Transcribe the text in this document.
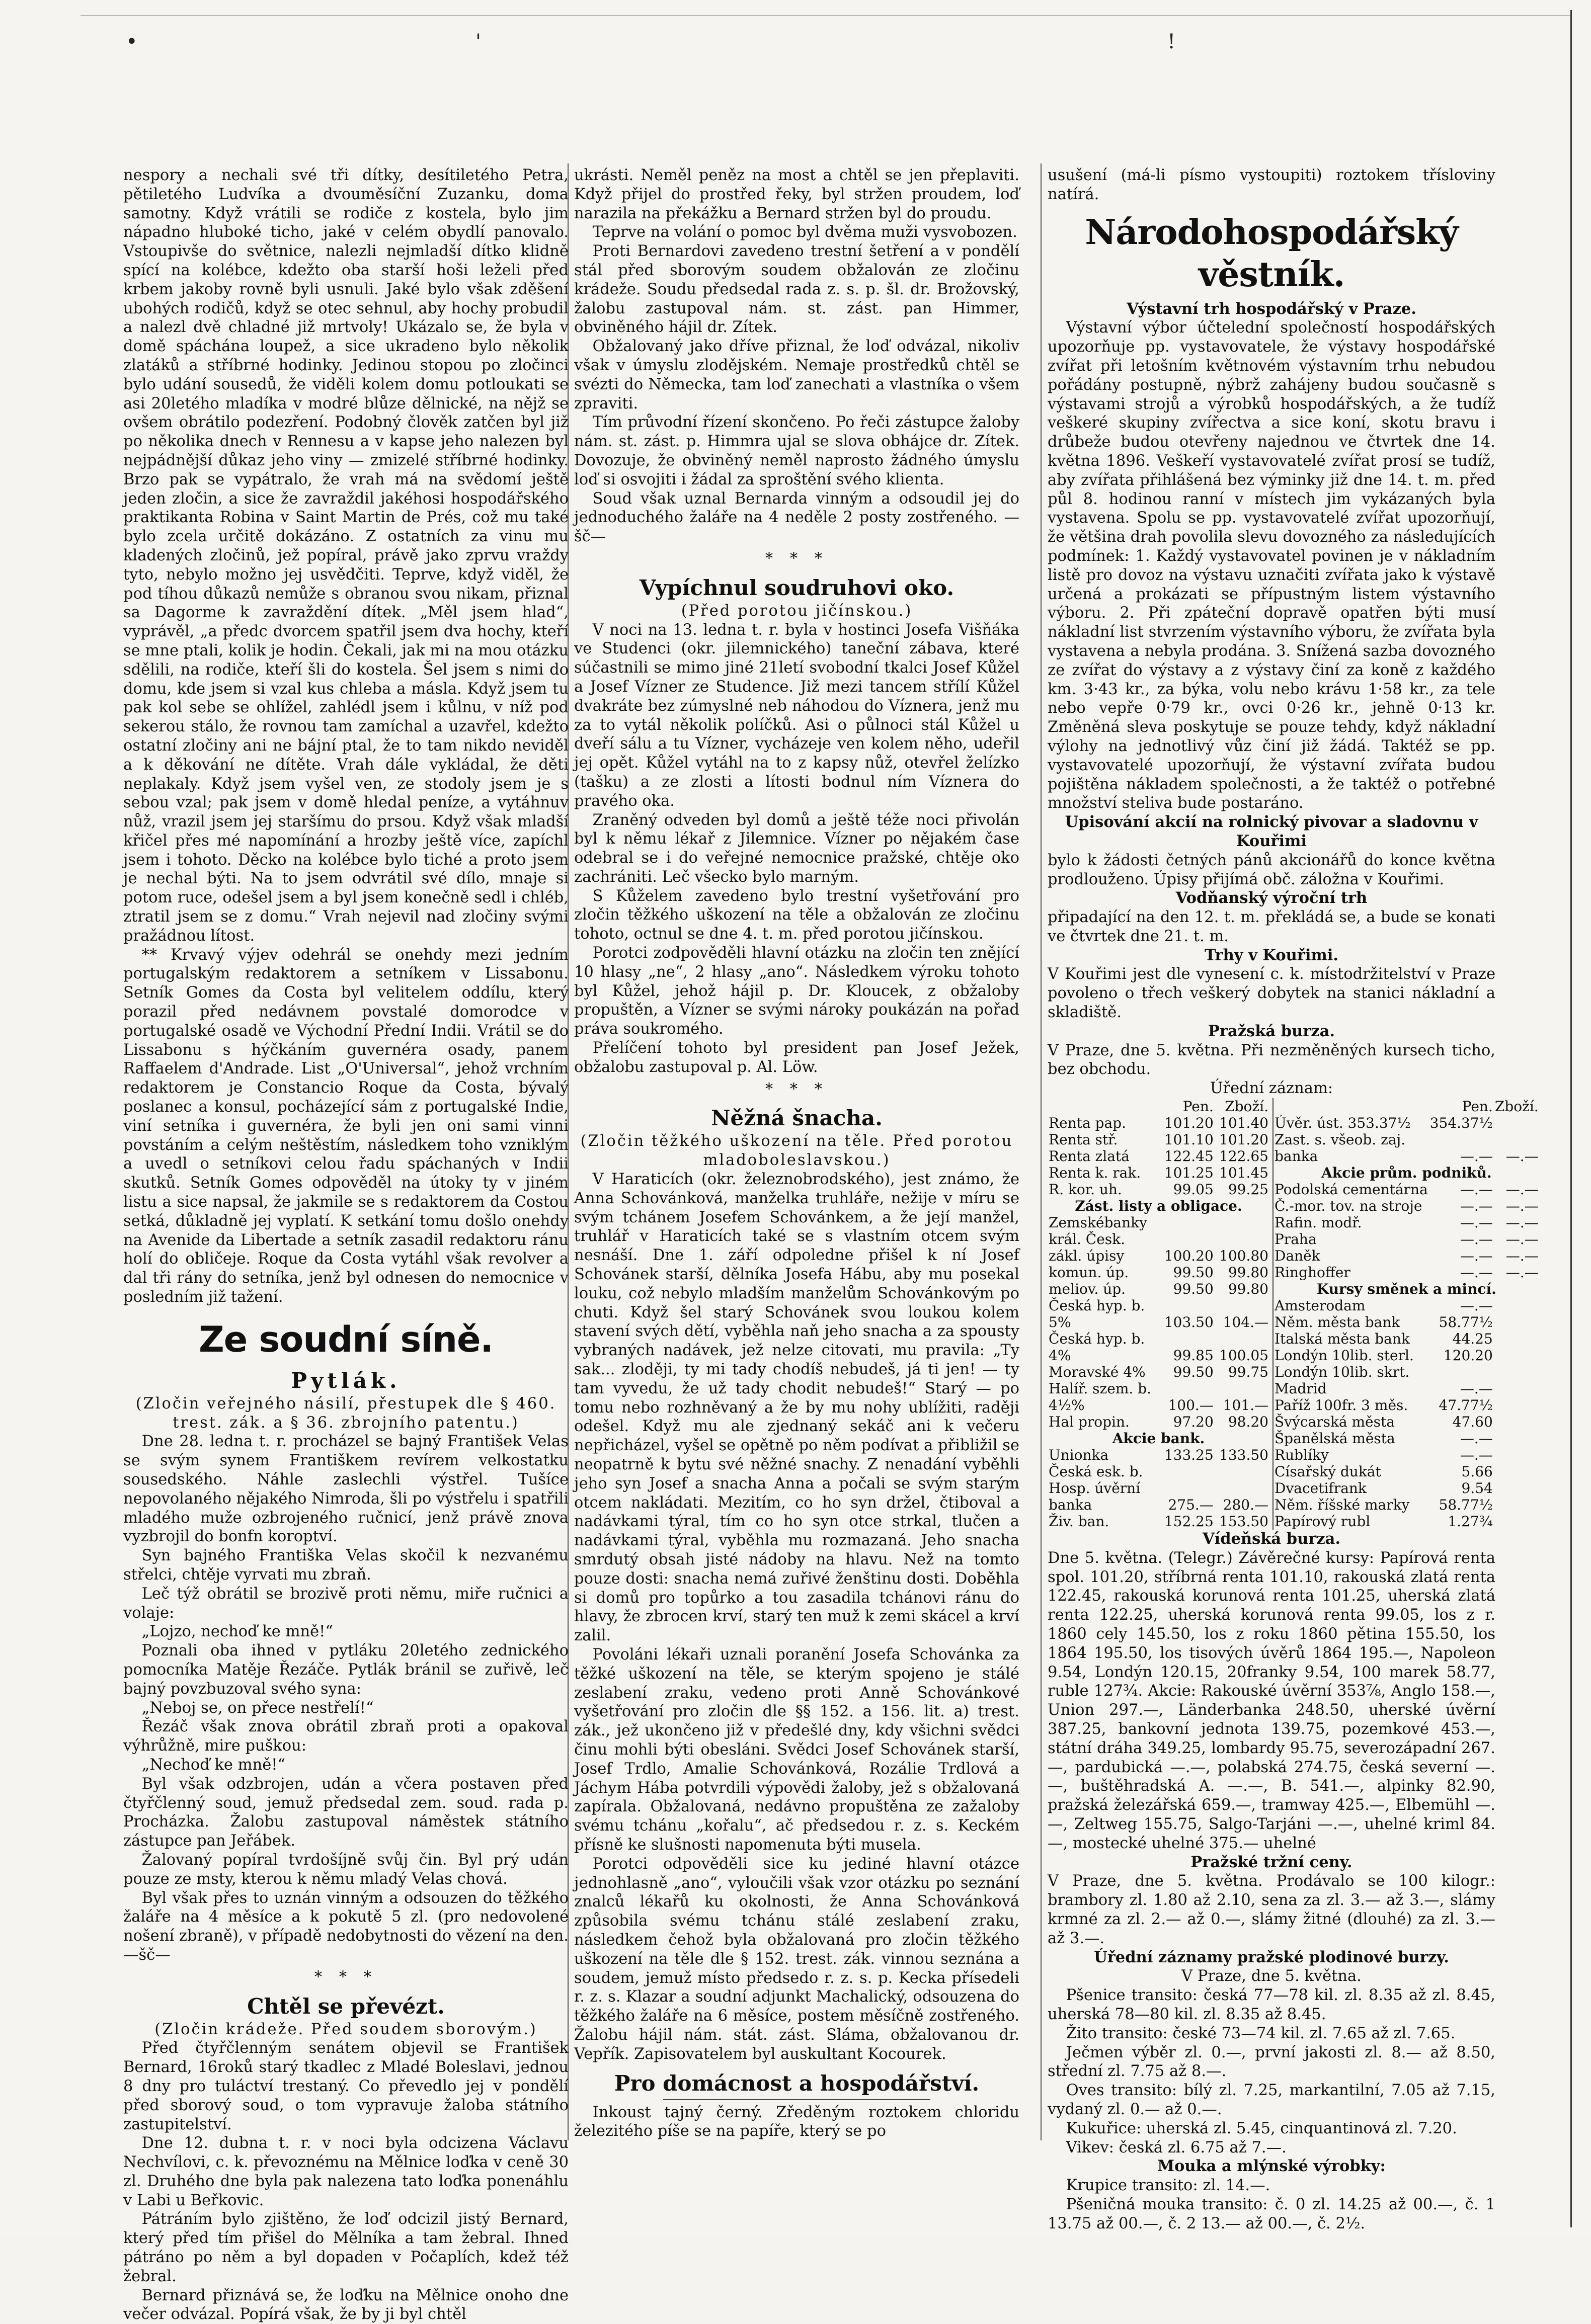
•	'	!

nespory a nechali své tři dítky, desítiletého Petra, pětiletého Ludvíka a dvouměsíční Zuzanku, doma samotny. Když vrátili se rodiče z kostela, bylo jim nápadno hluboké ticho, jaké v celém obydlí panovalo. Vstoupivše do světnice, nalezli nejmladší dítko klidně spící na kolébce, kdežto oba starší hoši leželi před krbem jakoby rovně byli usnuli. Jaké bylo však zděšení ubohých rodičů, když se otec sehnul, aby hochy probudil a nalezl dvě chladné již mrtvoly! Ukázalo se, že byla v domě spáchána loupež, a sice ukradeno bylo několik zlatáků a stříbrné hodinky. Jedinou stopou po zločinci bylo udání sousedů, že viděli kolem domu potloukati se asi 20letého mladíka v modré blůze dělnické, na nějž se ovšem obrátilo podezření. Podobný člověk zatčen byl již po několika dnech v Rennesu a v kapse jeho nalezen byl nejpádnější důkaz jeho viny — zmizelé stříbrné hodinky. Brzo pak se vypátralo, že vrah má na svědomí ještě jeden zločin, a sice že zavraždil jakéhosi hospodářského praktikanta Robina v Saint Martin de Prés, což mu také bylo zcela určitě dokázáno. Z ostatních za vinu mu kladených zločinů, jež popíral, právě jako zprvu vraždy tyto, nebylo možno jej usvědčiti. Teprve, když viděl, že pod tíhou důkazů nemůže s obranou svou nikam, přiznal sa Dagorme k zavraždění dítek. „Měl jsem hlad“, vyprávěl, „a předc dvorcem spatřil jsem dva hochy, kteří se mne ptali, kolik je hodin. Čekali, jak mi na mou otázku sdělili, na rodiče, kteří šli do kostela. Šel jsem s nimi do domu, kde jsem si vzal kus chleba a másla. Když jsem tu pak kol sebe se ohlížel, zahlédl jsem i kůlnu, v níž pod sekerou stálo, že rovnou tam zamíchal a uzavřel, kdežto ostatní zločiny ani ne bájní ptal, že to tam nikdo neviděl a k děkování ne dítěte. Vrah dále vykládal, že děti neplakaly. Když jsem vyšel ven, ze stodoly jsem je s sebou vzal; pak jsem v domě hledal peníze, a vytáhnuv nůž, vrazil jsem jej staršímu do prsou. Když však mladší křičel přes mé napomínání a hrozby ještě více, zapíchl jsem i tohoto. Děcko na kolébce bylo tiché a proto jsem je nechal býti. Na to jsem odvrátil své dílo, mnaje si potom ruce, odešel jsem a byl jsem konečně sedl i chléb, ztratil jsem se z domu.“ Vrah nejevil nad zločiny svými pražádnou lítost.

** Krvavý výjev odehrál se onehdy mezi jedním portugalským redaktorem a setníkem v Lissabonu. Setník Gomes da Costa byl velitelem oddílu, který porazil před nedávnem povstalé domorodce v portugalské osadě ve Východní Přední Indii. Vrátil se do Lissabonu s hýčkáním guvernéra osady, panem Raffaelem d'Andrade. List „O'Universal“, jehož vrchním redaktorem je Constancio Roque da Costa, bývalý poslanec a konsul, pocházející sám z portugalské Indie, viní setníka i guvernéra, že byli jen oni sami vinni povstáním a celým neštěstím, následkem toho vzniklým a uvedl o setníkovi celou řadu spáchaných v Indii skutků. Setník Gomes odpověděl na útoky ty v jiném listu a sice napsal, že jakmile se s redaktorem da Costou setká, důkladně jej vyplatí. K setkání tomu došlo onehdy na Avenide da Libertade a setník zasadil redaktoru ránu holí do obličeje. Roque da Costa vytáhl však revolver a dal tři rány do setníka, jenž byl odnesen do nemocnice v posledním již tažení.

Ze soudní síně.
Pytlák.

(Zločin veřejného násilí, přestupek dle § 460. trest. zák. a § 36. zbrojního patentu.)

Dne 28. ledna t. r. procházel se bajný František Velas se svým synem Františkem revírem velkostatku sousedského. Náhle zaslechli výstřel. Tušíce nepovolaného nějakého Nimroda, šli po výstřelu i spatřili mladého muže ozbrojeného ručnicí, jenž právě znova vyzbrojil do bonfn koroptví.

Syn bajného Františka Velas skočil k nezvanému střelci, chtěje vyrvati mu zbraň.

Leč týž obrátil se brozivě proti němu, miře ručnici a volaje:

„Lojzo, nechoď ke mně!“

Poznali oba ihned v pytláku 20letého zednického pomocníka Matěje Řezáče. Pytlák bránil se zuřivě, leč bajný povzbuzoval svého syna:

„Neboj se, on přece nestřelí!“

Řezáč však znova obrátil zbraň proti a opakoval výhrůžně, mire puškou:

„Nechoď ke mně!“

Byl však odzbrojen, udán a včera postaven před čtyřčlenný soud, jemuž předsedal zem. soud. rada p. Procházka. Žalobu zastupoval náměstek státního zástupce pan Jeřábek.

Žalovaný popíral tvrdošíjně svůj čin. Byl prý udán pouze ze msty, kterou k němu mladý Velas chová.

Byl však přes to uznán vinným a odsouzen do těžkého žaláře na 4 měsíce a k pokutě 5 zl. (pro nedovolené nošení zbraně), v případě nedobytnosti do vězení na den. —šč—

* * *
Chtěl se převézt.

(Zločin krádeže. Před soudem sborovým.)

Před čtyřčlenným senátem objevil se František Bernard, 16roků starý tkadlec z Mladé Boleslavi, jednou 8 dny pro tuláctví trestaný. Co převedlo jej v pondělí před sborový soud, o tom vypravuje žaloba státního zastupitelství.

Dne 12. dubna t. r. v noci byla odcizena Václavu Nechvílovi, c. k. převoznému na Mělnice loďka v ceně 30 zl. Druhého dne byla pak nalezena tato loďka ponenáhlu v Labi u Beřkovic.

Pátráním bylo zjištěno, že loď odcizil jistý Bernard, který před tím přišel do Mělníka a tam žebral. Ihned pátráno po něm a byl dopaden v Počaplích, kdež též žebral.

Bernard přiznává se, že loďku na Mělnice onoho dne večer odvázal. Popírá však, že by ji byl chtěl

ukrásti. Neměl peněz na most a chtěl se jen přeplaviti. Když přijel do prostřed řeky, byl stržen proudem, loď narazila na překážku a Bernard stržen byl do proudu.

Teprve na volání o pomoc byl dvěma muži vysvobozen.

Proti Bernardovi zavedeno trestní šetření a v pondělí stál před sborovým soudem obžalován ze zločinu krádeže. Soudu předsedal rada z. s. p. šl. dr. Brožovský, žalobu zastupoval nám. st. zást. pan Himmer, obviněného hájil dr. Zítek.

Obžalovaný jako dříve přiznal, že loď odvázal, nikoliv však v úmyslu zlodějském. Nemaje prostředků chtěl se svézti do Německa, tam loď zanechati a vlastníka o všem zpraviti.

Tím průvodní řízení skončeno. Po řeči zástupce žaloby nám. st. zást. p. Himmra ujal se slova obhájce dr. Zítek. Dovozuje, že obviněný neměl naprosto žádného úmyslu loď si osvojiti i žádal za sproštění svého klienta.

Soud však uznal Bernarda vinným a odsoudil jej do jednoduchého žaláře na 4 neděle 2 posty zostřeného. —šč—

* * *
Vypíchnul soudruhovi oko.

(Před porotou jičínskou.)

V noci na 13. ledna t. r. byla v hostinci Josefa Višňáka ve Studenci (okr. jilemnického) taneční zábava, které súčastnili se mimo jiné 21letí svobodní tkalci Josef Kůžel a Josef Vízner ze Studence. Již mezi tancem střílí Kůžel dvakráte bez zúmyslné neb náhodou do Víznera, jenž mu za to vytál několik políčků. Asi o půlnoci stál Kůžel u dveří sálu a tu Vízner, vycházeje ven kolem něho, udeřil jej opět. Kůžel vytáhl na to z kapsy nůž, otevřel želízko (tašku) a ze zlosti a lítosti bodnul ním Víznera do pravého oka.

Zraněný odveden byl domů a ještě téže noci přivolán byl k němu lékař z Jilemnice. Vízner po nějakém čase odebral se i do veřejné nemocnice pražské, chtěje oko zachrániti. Leč všecko bylo marným.

S Kůželem zavedeno bylo trestní vyšetřování pro zločin těžkého uškození na těle a obžalován ze zločinu tohoto, octnul se dne 4. t. m. před porotou jičínskou.

Porotci zodpověděli hlavní otázku na zločin ten znějící 10 hlasy „ne“, 2 hlasy „ano“. Následkem výroku tohoto byl Kůžel, jehož hájil p. Dr. Kloucek, z obžaloby propuštěn, a Vízner se svými nároky poukázán na pořad práva soukromého.

Přelíčení tohoto byl president pan Josef Ježek, obžalobu zastupoval p. Al. Löw.

* * *
Něžná šnacha.

(Zločin těžkého uškození na těle. Před porotou mladoboleslavskou.)

V Haraticích (okr. železnobrodského), jest známo, že Anna Schovánková, manželka truhláře, nežije v míru se svým tchánem Josefem Schovánkem, a že její manžel, truhlář v Haraticích také se s vlastním otcem svým nesnáší. Dne 1. září odpoledne přišel k ní Josef Schovánek starší, dělníka Josefa Hábu, aby mu posekal louku, což nebylo mladším manželům Schovánkovým po chuti. Když šel starý Schovánek svou loukou kolem stavení svých dětí, vyběhla naň jeho snacha a za spousty vybraných nadávek, jež nelze citovati, mu pravila: „Ty sak... zloději, ty mi tady chodíš nebudeš, já ti jen! — ty tam vyvedu, že už tady chodit nebudeš!“ Starý — po tomu nebo rozhněvaný a že by mu nohy ublížiti, raději odešel. Když mu ale zjednaný sekáč ani k večeru nepřicházel, vyšel se opětně po něm podívat a přibližil se neopatrně k bytu své něžné snachy. Z nenadání vyběhli jeho syn Josef a snacha Anna a počali se svým starým otcem nakládati. Mezitím, co ho syn držel, čtiboval a nadávkami týral, tím co ho syn otce strkal, tlučen a nadávkami týral, vyběhla mu rozmazaná. Jeho snacha smrdutý obsah jisté nádoby na hlavu. Než na tomto pouze dosti: snacha nemá zuřivé ženštinu dosti. Doběhla si domů pro topůrko a tou zasadila tchánovi ránu do hlavy, že zbrocen krví, starý ten muž k zemi skácel a krví zalil.

Povoláni lékaři uznali poranění Josefa Schovánka za těžké uškození na těle, se kterým spojeno je stálé zeslabení zraku, vedeno proti Anně Schovánkové vyšetřování pro zločin dle §§ 152. a 156. lit. a) trest. zák., jež ukončeno již v předešlé dny, kdy všichni svědci činu mohli býti obesláni. Svědci Josef Schovánek starší, Josef Trdlo, Amalie Schovánková, Rozálie Trdlová a Jáchym Hába potvrdili výpovědi žaloby, jež s obžalovaná zapírala. Obžalovaná, nedávno propuštěna ze zažaloby svému tchánu „kořalu“, ač předsedou r. z. s. Keckém přísně ke slušnosti napomenuta býti musela.

Porotci odpověděli sice ku jediné hlavní otázce jednohlasně „ano“, vyloučili však vzor otázku po seznání znalců lékařů ku okolnosti, že Anna Schovánková způsobila svému tchánu stálé zeslabení zraku, následkem čehož byla obžalovaná pro zločin těžkého uškození na těle dle § 152. trest. zák. vinnou seznána a soudem, jemuž místo předsedo r. z. s. p. Kecka přísedeli r. z. s. Klazar a soudní adjunkt Machalický, odsouzena do těžkého žaláře na 6 měsíce, postem měsíčně zostřeného. Žalobu hájil nám. stát. zást. Sláma, obžalovanou dr. Vepřík. Zapisovatelem byl auskultant Kocourek.

Pro domácnost a hospodářství.

Inkoust tajný černý. Zředěným roztokem chloridu železitého píše se na papíře, který se po

usušení (má-li písmo vystoupiti) roztokem třísloviny natírá.

Národohospodářský věstník.

Výstavní trh hospodářský v Praze.

Výstavní výbor účtelední společností hospodářských upozorňuje pp. vystavovatele, že výstavy hospodářské zvířat při letošním květnovém výstavním trhu nebudou pořádány postupně, nýbrž zahájeny budou současně s výstavami strojů a výrobků hospodářských, a že tudíž veškeré skupiny zvířectva a sice koní, skotu bravu i drůbeže budou otevřeny najednou ve čtvrtek dne 14. května 1896. Veškeří vystavovatelé zvířat prosí se tudíž, aby zvířata přihlášená bez výminky již dne 14. t. m. před půl 8. hodinou ranní v místech jim vykázaných byla vystavena. Spolu se pp. vystavovatelé zvířat upozorňují, že většina drah povolila slevu dovozného za následujících podmínek: 1. Každý vystavovatel povinen je v nákladním listě pro dovoz na výstavu uznačiti zvířata jako k výstavě určená a prokázati se přípustným listem výstavního výboru. 2. Při zpáteční dopravě opatřen býti musí nákladní list stvrzením výstavního výboru, že zvířata byla vystavena a nebyla prodána. 3. Snížená sazba dovozného ze zvířat do výstavy a z výstavy činí za koně z každého km. 3·43 kr., za býka, volu nebo krávu 1·58 kr., za tele nebo vepře 0·79 kr., ovci 0·26 kr., jehně 0·13 kr. Změněná sleva poskytuje se pouze tehdy, když nákladní výlohy na jednotlivý vůz činí již žádá. Taktéž se pp. vystavovatelé upozorňují, že výstavní zvířata budou pojištěna nákladem společnosti, a že taktéž o potřebné množství steliva bude postaráno.

Upisování akcií na rolnický pivovar a sladovnu v Kouřimi

bylo k žádosti četných pánů akcionářů do konce května prodlouženo. Úpisy přijímá obč. záložna v Kouřimi.

Vodňanský výroční trh

připadající na den 12. t. m. překládá se, a bude se konati ve čtvrtek dne 21. t. m.

Trhy v Kouřimi.

V Kouřimi jest dle vynesení c. k. místodržitelství v Praze povoleno o třech veškerý dobytek na stanici nákladní a skladiště.

Pražská burza.

V Praze, dne 5. května. Při nezměněných kursech ticho, bez obchodu.

Úřední záznam:

	Pen.	Zboží.
Renta pap.	101.20	101.40
Renta stř.	101.10	101.20
Renta zlatá	122.45	122.65
Renta k. rak.	101.25	101.45
R. kor. uh.	99.05	99.25
Zást. listy a obligace.		
Zemskébanky		
král. Česk.		
zákl. úpisy	100.20	100.80
komun. úp.	99.50	99.80
meliov. úp.	99.50	99.80
Česká hyp. b.		
5%	103.50	104.—
Česká hyp. b.		
4%	99.85	100.05
Moravské 4%	99.50	99.75
Halíř. szem. b.		
4½%	100.—	101.—
Hal propin.	97.20	98.20
Akcie bank.		
Unionka	133.25	133.50
Česká esk. b.		
Hosp. úvěrní		
banka	275.—	280.—
Živ. ban.	152.25	153.50
	Pen.	Zboží.
Úvěr. úst. 353.37½	354.37½	
Zast. s. všeob. zaj.		
banka	—.—	—.—
Akcie prům. podniků.		
Podolská cementárna	—.—	—.—
Č.-mor. tov. na stroje	—.—	—.—
Rafin. modř.	—.—	—.—
Praha	—.—	—.—
Daněk	—.—	—.—
Ringhoffer	—.—	—.—
Kursy směnek a mincí.		
Amsterodam	—.—	
Něm. města bank	58.77½	
Italská města bank	44.25	
Londýn 10lib. sterl.	120.20	
Londýn 10lib. skrt.		
Madrid	—.—	
Paříž 100fr. 3 měs.	47.77½	
Švýcarská města	47.60	
Španělská města	—.—	
Rublíky	—.—	
Císařský dukát	5.66	
Dvacetifrank	9.54	
Něm. říšské marky	58.77½	
Papírový rubl	1.27¾	

Vídeňská burza.

Dne 5. května. (Telegr.) Závěrečné kursy: Papírová renta spol. 101.20, stříbrná renta 101.10, rakouská zlatá renta 122.45, rakouská korunová renta 101.25, uherská zlatá renta 122.25, uherská korunová renta 99.05, los z r. 1860 cely 145.50, los z roku 1860 pětina 155.50, los 1864 195.50, los tisových úvěrů 1864 195.—, Napoleon 9.54, Londýn 120.15, 20franky 9.54, 100 marek 58.77, ruble 127¾. Akcie: Rakouské úvěrní 353⅞, Anglo 158.—, Union 297.—, Länderbanka 248.50, uherské úvěrní 387.25, bankovní jednota 139.75, pozemkové 453.—, státní dráha 349.25, lombardy 95.75, severozápadní 267.—, pardubická —.—, polabská 274.75, česká severní —.—, buštěhradská A. —.—, B. 541.—, alpinky 82.90, pražská železářská 659.—, tramway 425.—, Elbemühl —.—, Zeltweg 155.75, Salgo-Tarjáni —.—, uhelné kriml 84.—, mostecké uhelné 375.— uhelné

Pražské tržní ceny.

V Praze, dne 5. května. Prodávalo se 100 kilogr.: brambory zl. 1.80 až 2.10, sena za zl. 3.— až 3.—, slámy krmné za zl. 2.— až 0.—, slámy žitné (dlouhé) za zl. 3.— až 3.—.

Úřední záznamy pražské plodinové burzy.

V Praze, dne 5. května.

Pšenice transito: česká 77—78 kil. zl. 8.35 až zl. 8.45, uherská 78—80 kil. zl. 8.35 až 8.45.

Žito transito: české 73—74 kil. zl. 7.65 až zl. 7.65.

Ječmen výběr zl. 0.—, první jakosti zl. 8.— až 8.50, střední zl. 7.75 až 8.—.

Oves transito: bílý zl. 7.25, markantilní, 7.05 až 7.15, vydaný zl. 0.— až 0.—.

Kukuřice: uherská zl. 5.45, cinquantinová zl. 7.20.

Vikev: česká zl. 6.75 až 7.—.

Mouka a mlýnské výrobky:

Krupice transito: zl. 14.—.

Pšeničná mouka transito: č. 0 zl. 14.25 až 00.—, č. 1 13.75 až 00.—, č. 2 13.— až 00.—, č. 2½.
